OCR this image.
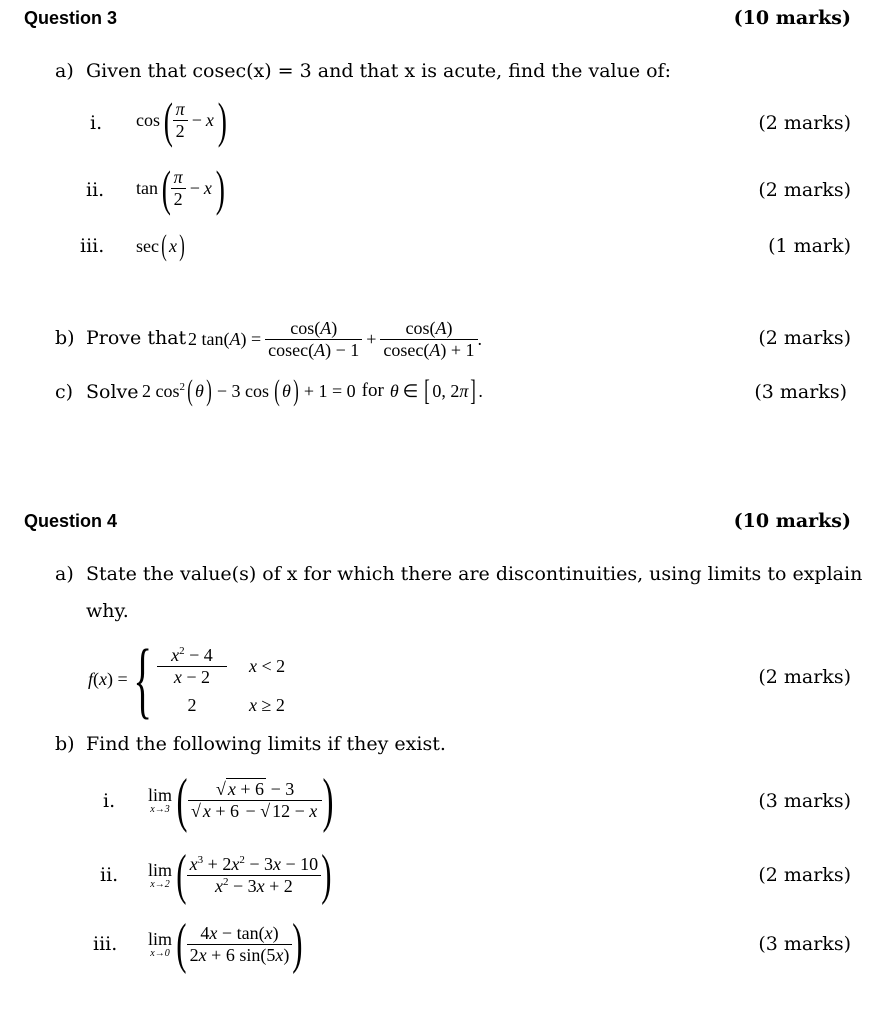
Question 3	(10 marks)
a) Given that cosec(x) = 3 and that x is acute, find the value of:
i. cos ( $\frac{\pi}{2} - x$ )	(2 marks)
ii. tan ( $\frac{\pi}{2} - x$ )	(2 marks)
iii. sec ( x )	(1 mark)
b) Prove that 2 $\tan(A) = \frac{\cos(A)}{cosec(A) - 1} + \frac{\cos(A)}{cosec(A) + 1}$ .	(2 marks)
c) Solve 2 $\cos^2$ ( θ ) − 3 cos ( θ ) + 1 = 0 for θ ∈ [ 0, 2π ] .	(3 marks)
Question 4	(10 marks)
a) State the value(s) of x for which there are discontinuities, using limits to explain
why.
f(x) = { $\frac{x^2 - 4}{x - 2}$ x < 2
2	x ≥ 2
(2 marks)
b) Find the following limits if they exist.
i. lim
x→3 ( $\frac{√ x + 6 - 3}{√ x + 6 - √ 12 - x}$ )	(3 marks)
ii. lim
x→2 ( $\frac{x^3 + 2x^2 - 3x - 10}{x^2 - 3x + 2}$ )	(2 marks)
iii. lim
x→0 ( $\frac{4x - \tan(x)}{2x + 6 \sin(5x)}$ )	(3 marks)
